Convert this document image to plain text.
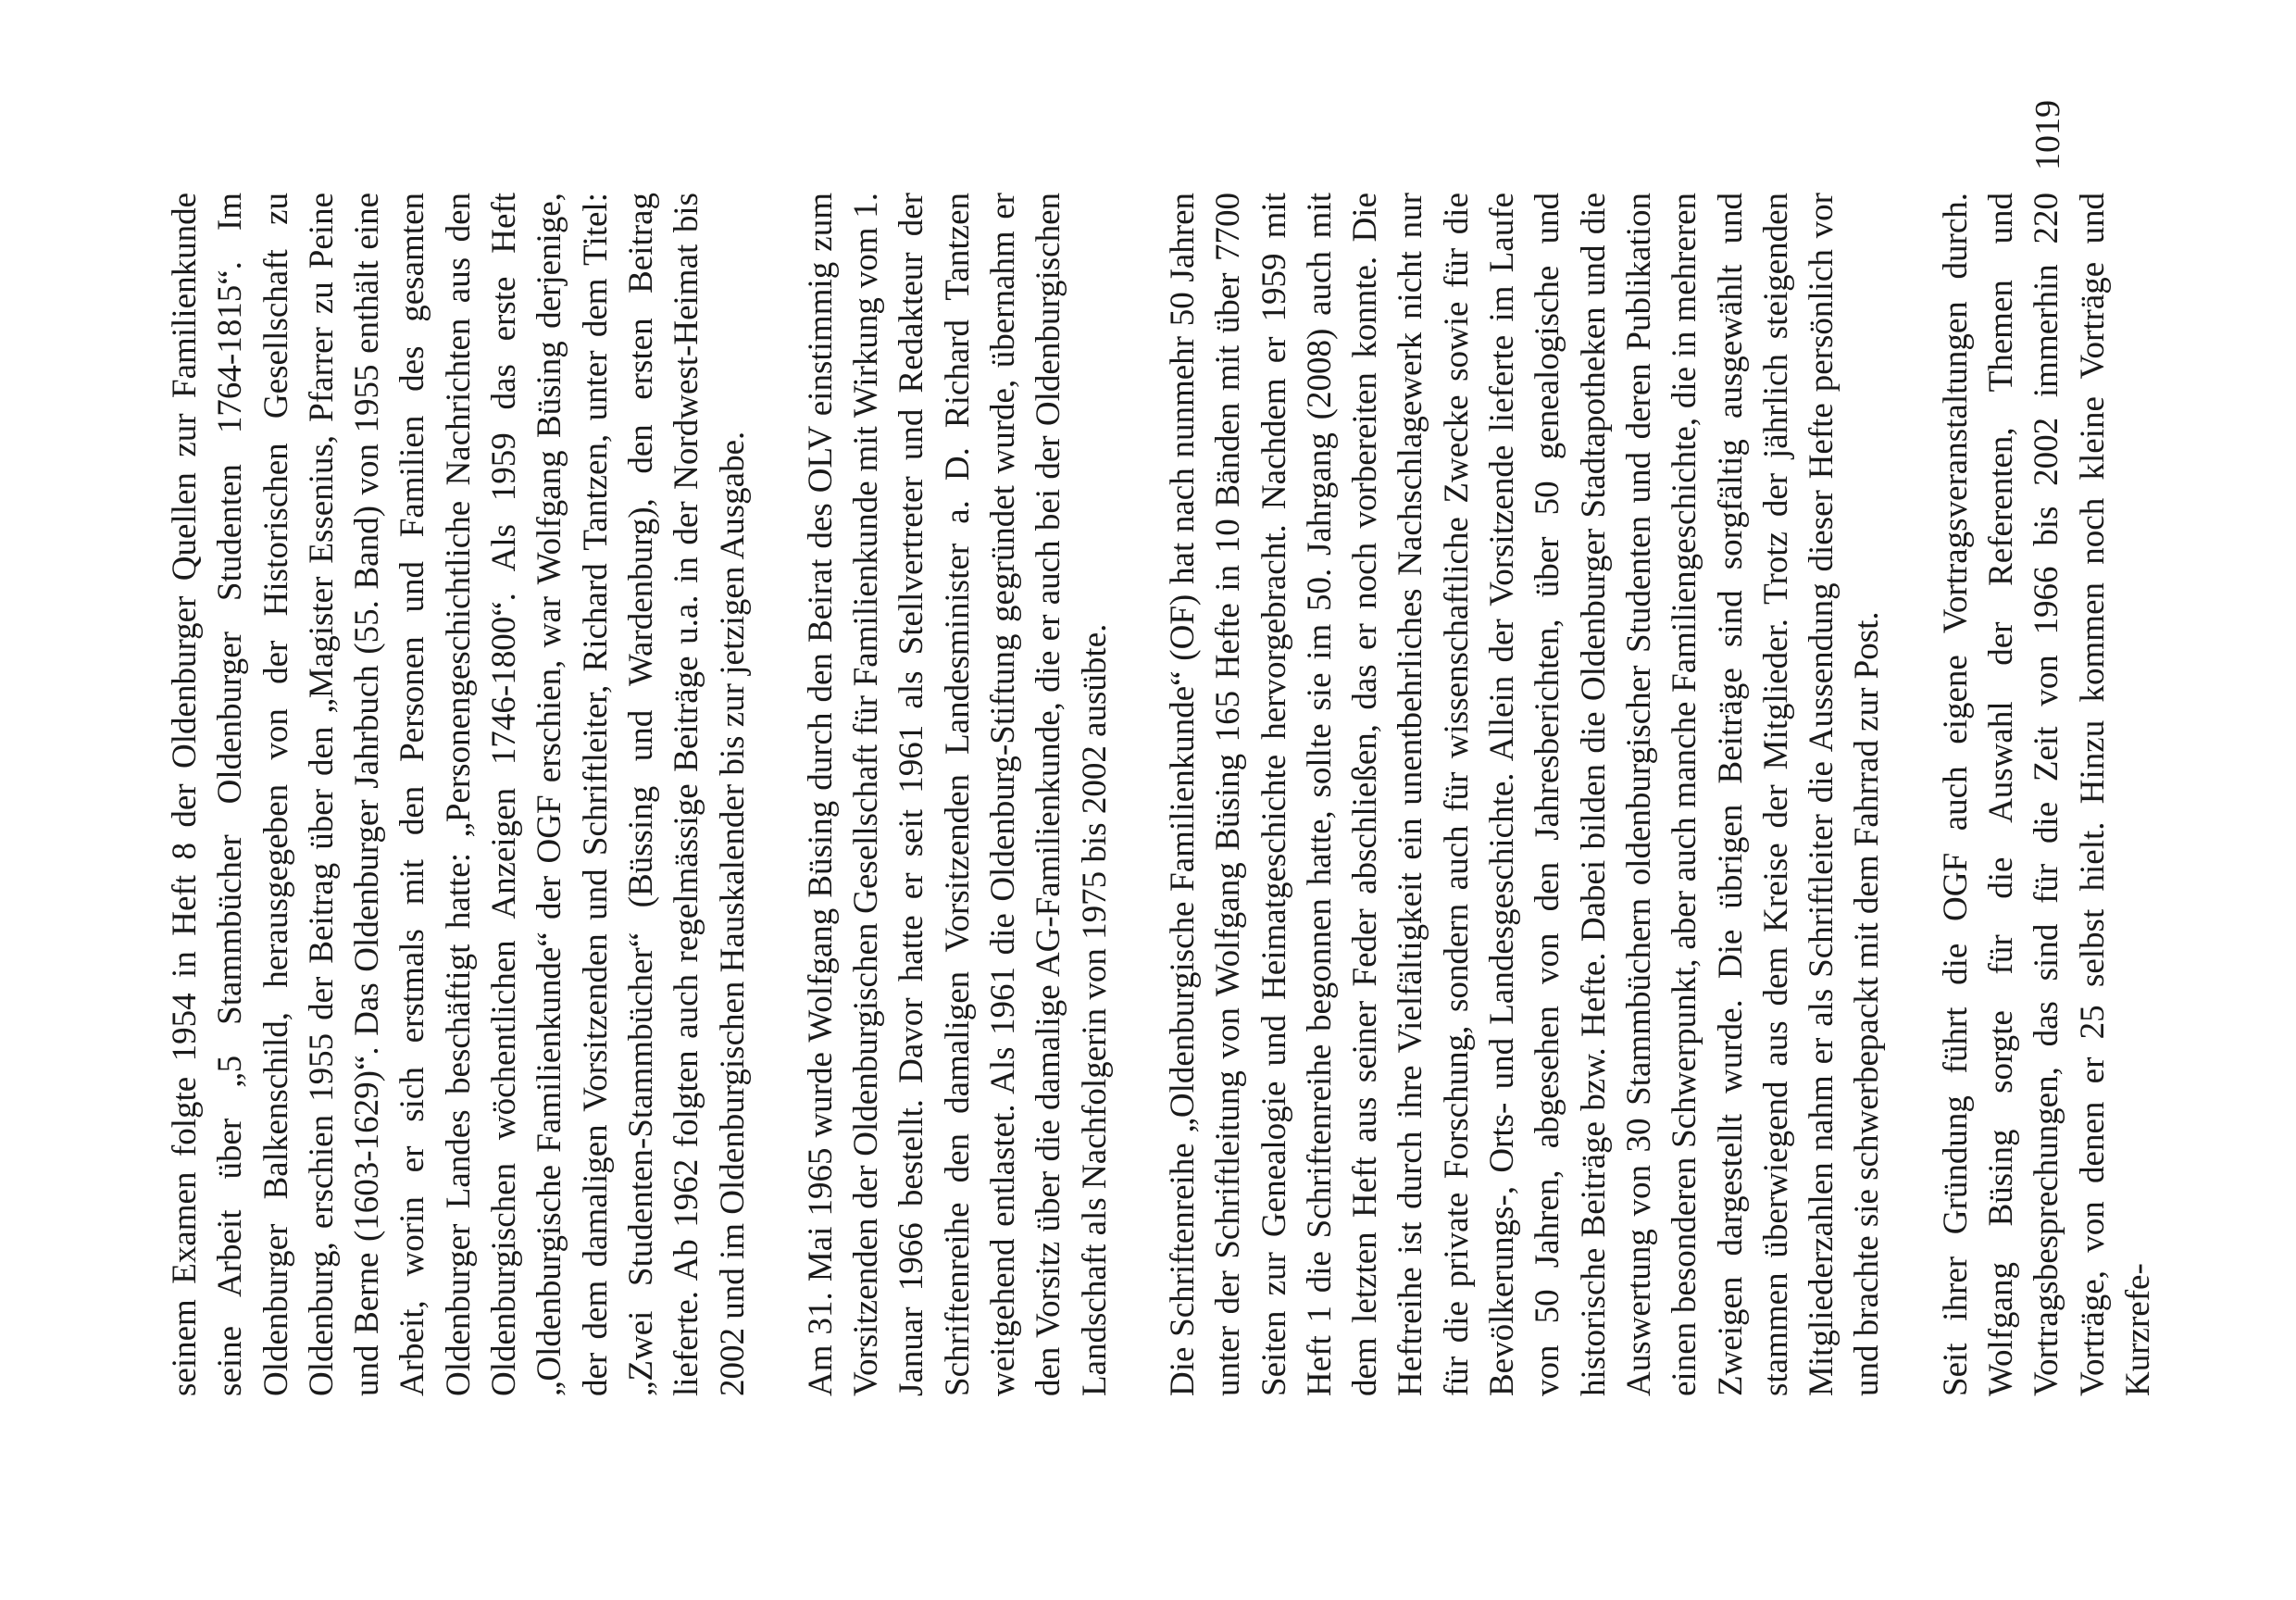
seinem Examen folgte 1954 in Heft 8 der Oldenburger Quellen zur Familienkunde seine Arbeit über „5 Stammbücher Oldenburger Studenten 1764-1815“. Im Oldenburger Balkenschild, herausgegeben von der Historischen Gesellschaft zu Oldenburg, erschien 1955 der Beitrag über den „Magister Essenius, Pfarrer zu Peine und Berne (1603-1629)“. Das Oldenburger Jahrbuch (55. Band) von 1955 enthält eine Arbeit, worin er sich erstmals mit den Personen und Familien des gesamten Oldenburger Landes beschäftigt hatte: „Personengeschichtliche Nachrichten aus den Oldenburgischen wöchentlichen Anzeigen 1746-1800“. Als 1959 das erste Heft „Oldenburgische Familienkunde“ der OGF erschien, war Wolfgang Büsing derjenige, der dem damaligen Vorsitzenden und Schriftleiter, Richard Tantzen, unter dem Titel: „Zwei Studenten-Stammbücher“ (Büssing und Wardenburg), den ersten Beitrag lieferte. Ab 1962 folgten auch regelmässige Beiträge u.a. in der Nordwest-Heimat bis 2002 und im Oldenburgischen Hauskalender bis zur jetzigen Ausgabe. Am 31. Mai 1965 wurde Wolfgang Büsing durch den Beirat des OLV einstimmig zum Vorsitzenden der Oldenburgischen Gesellschaft für Familienkunde mit Wirkung vom 1. Januar 1966 bestellt. Davor hatte er seit 1961 als Stellvertreter und Redakteur der Schriftenreihe den damaligen Vorsitzenden Landesminister a. D. Richard Tantzen weitgehend entlastet. Als 1961 die Oldenburg-Stiftung gegründet wurde, übernahm er den Vorsitz über die damalige AG-Familienkunde, die er auch bei der Oldenburgischen Landschaft als Nachfolgerin von 1975 bis 2002 ausübte. Die Schriftenreihe „Oldenburgische Familienkunde“ (OF) hat nach nunmehr 50 Jahren unter der Schriftleitung von Wolfgang Büsing 165 Hefte in 10 Bänden mit über 7700 Seiten zur Genealogie und Heimatgeschichte hervorgebracht. Nachdem er 1959 mit Heft 1 die Schriftenreihe begonnen hatte, sollte sie im 50. Jahrgang (2008) auch mit dem letzten Heft aus seiner Feder abschließen, das er noch vorbereiten konnte. Die Heftreihe ist durch ihre Vielfältigkeit ein unentbehrliches Nachschlagewerk nicht nur für die private Forschung, sondern auch für wissenschaftliche Zwecke sowie für die Bevölkerungs-, Orts- und Landesgeschichte. Allein der Vorsitzende lieferte im Laufe von 50 Jahren, abgesehen von den Jahresberichten, über 50 genealogische und historische Beiträge bzw. Hefte. Dabei bilden die Oldenburger Stadtapotheken und die Auswertung von 30 Stammbüchern oldenburgischer Studenten und deren Publikation einen besonderen Schwerpunkt, aber auch manche Familiengeschichte, die in mehreren Zweigen dargestellt wurde. Die übrigen Beiträge sind sorgfältig ausgewählt und stammen überwiegend aus dem Kreise der Mitglieder. Trotz der jährlich steigenden Mitgliederzahlen nahm er als Schriftleiter die Aussendung dieser Hefte persönlich vor und brachte sie schwerbepackt mit dem Fahrrad zur Post. Seit ihrer Gründung führt die OGF auch eigene Vortragsveranstaltungen durch. Wolfgang Büsing sorgte für die Auswahl der Referenten, Themen und Vortragsbesprechungen, das sind für die Zeit von 1966 bis 2002 immerhin 220 Vorträge, von denen er 25 selbst hielt. Hinzu kommen noch kleine Vorträge und Kurzrefe-

1019
